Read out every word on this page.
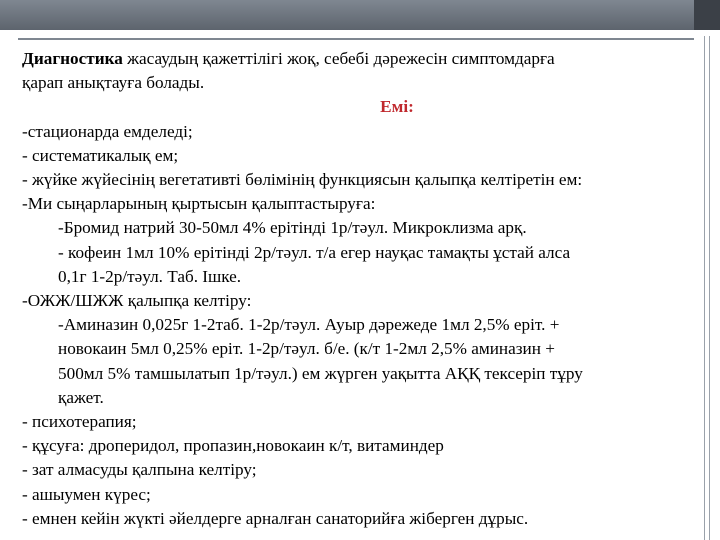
Диагностика жасаудың қажеттілігі жоқ, себебі дәрежесін симптомдарға
қарап анықтауға болады.
Емі:
-стационарда емделеді;
- систематикалық ем;
- жүйке жүйесінің вегетативті бөлімінің функциясын қалыпқа келтіретін ем:
-Ми сыңарларының қыртысын қалыптастыруға:
-Бромид натрий 30-50мл 4% ерітінді 1р/тәул. Микроклизма арқ.
- кофеин 1мл 10% ерітінді 2р/тәул. т/а егер науқас тамақты ұстай алса
0,1г 1-2р/тәул. Таб. Ішке.
-ОЖЖ/ШЖЖ қалыпқа келтіру:
-Аминазин 0,025г 1-2таб. 1-2р/тәул. Ауыр дәрежеде 1мл 2,5% ерiт. +
новокаин 5мл 0,25% ерiт. 1-2р/тәул. б/е. (к/т 1-2мл 2,5% аминазин +
500мл 5% тамшылатып 1р/тәул.) ем жүрген уақытта АҚҚ тексеріп тұру
қажет.
- психотерапия;
- құсуға: дроперидол, пропазин,новокаин к/т, витаминдер
- зат алмасуды қалпына келтіру;
- ашыумен күрес;
- емнен кейін жүкті әйелдерге арналған санаторийға жіберген дұрыс.
